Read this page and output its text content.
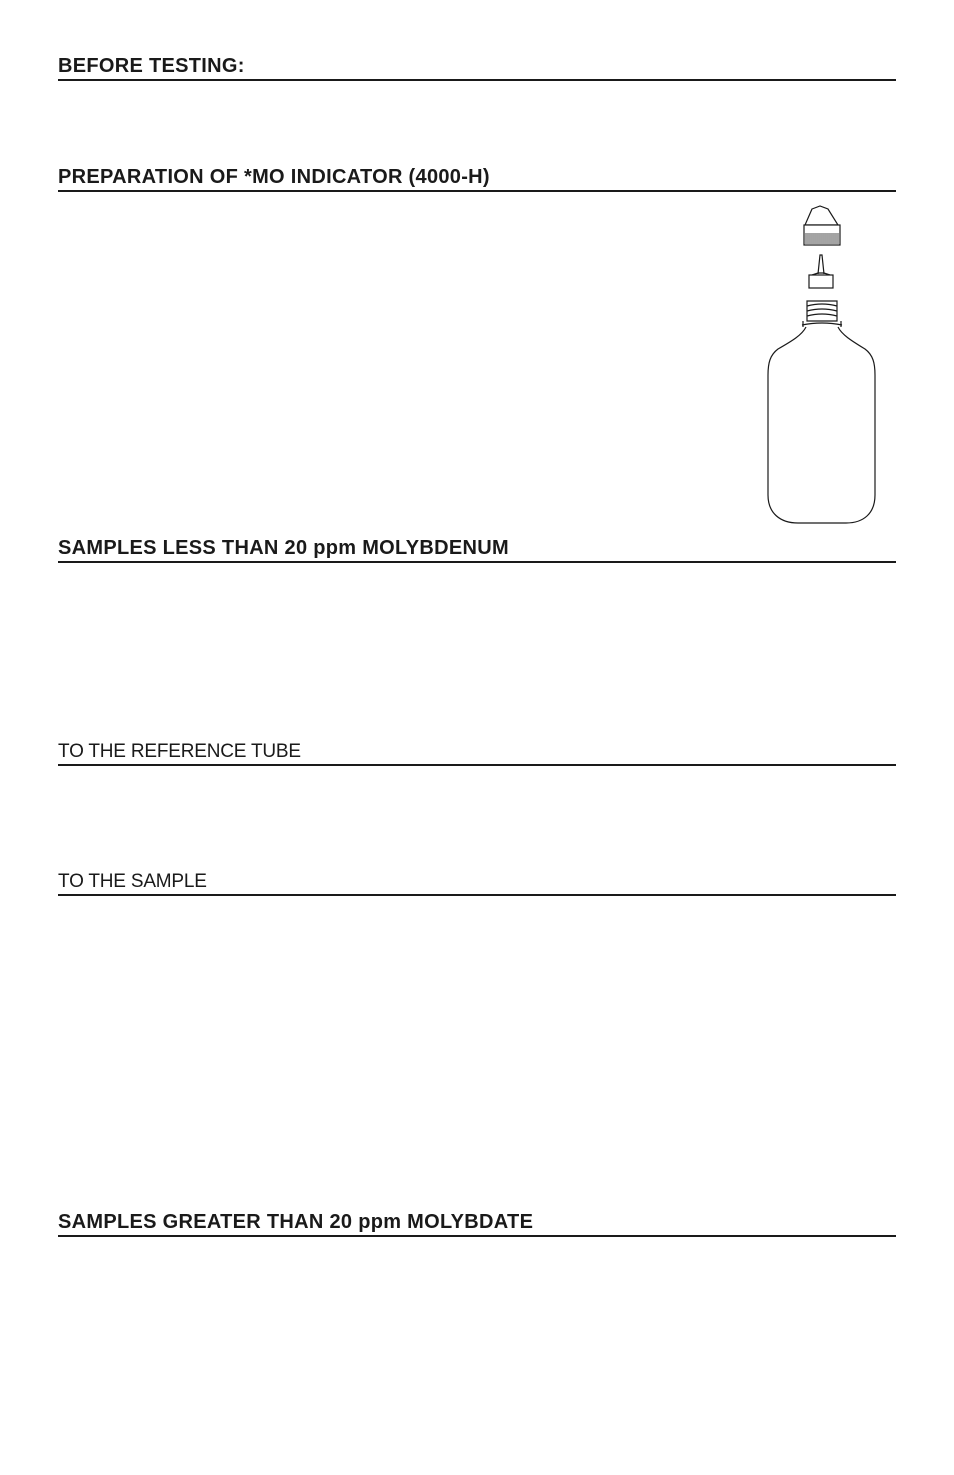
BEFORE TESTING:
PREPARATION OF *MO INDICATOR (4000-H)
SAMPLES LESS THAN 20 ppm MOLYBDENUM
TO THE REFERENCE TUBE
TO THE SAMPLE
SAMPLES GREATER THAN 20 ppm MOLYBDATE
